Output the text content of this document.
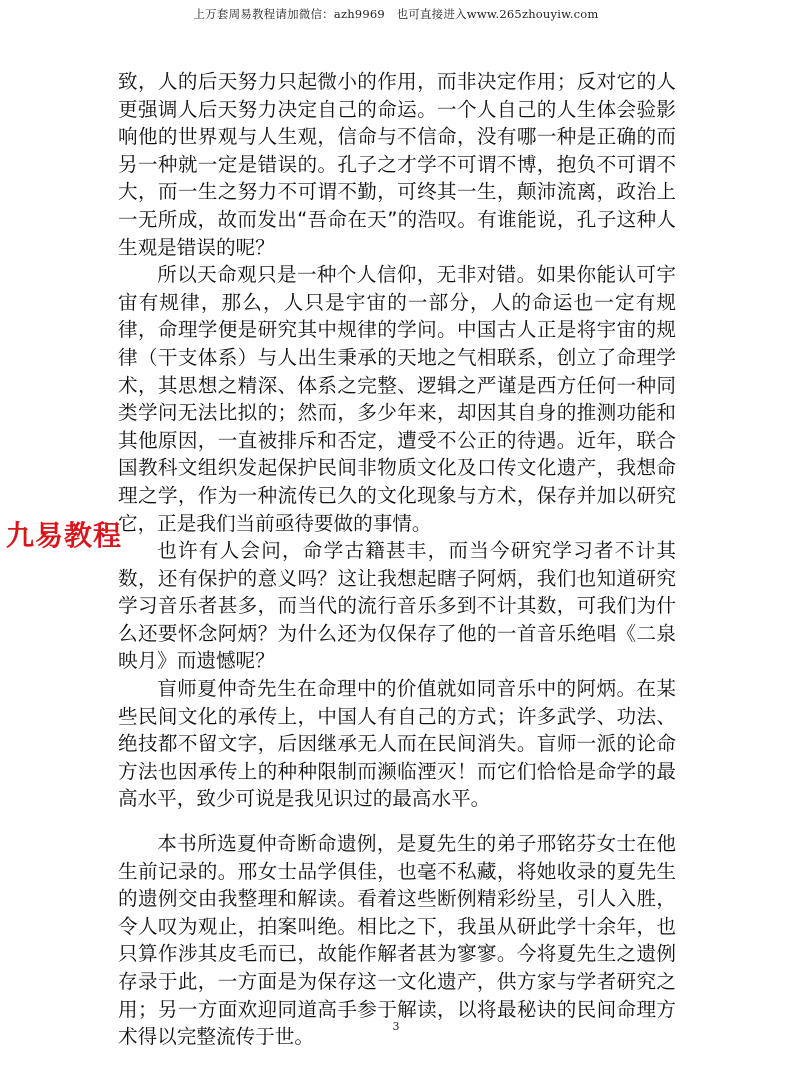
上万套周易教程请加微信：azh9969　也可直接进入www.265zhouyiw.com

致，人的后天努力只起微小的作用，而非决定作用；反对它的人更强调人后天努力决定自己的命运。一个人自己的人生体会验影响他的世界观与人生观，信命与不信命，没有哪一种是正确的而另一种就一定是错误的。孔子之才学不可谓不博，抱负不可谓不大，而一生之努力不可谓不勤，可终其一生，颠沛流离，政治上一无所成，故而发出“吾命在天”的浩叹。有谁能说，孔子这种人生观是错误的呢？

所以天命观只是一种个人信仰，无非对错。如果你能认可宇宙有规律，那么，人只是宇宙的一部分，人的命运也一定有规律，命理学便是研究其中规律的学问。中国古人正是将宇宙的规律（干支体系）与人出生秉承的天地之气相联系，创立了命理学术，其思想之精深、体系之完整、逻辑之严谨是西方任何一种同类学问无法比拟的；然而，多少年来，却因其自身的推测功能和其他原因，一直被排斥和否定，遭受不公正的待遇。近年，联合国教科文组织发起保护民间非物质文化及口传文化遗产，我想命理之学，作为一种流传已久的文化现象与方术，保存并加以研究它，正是我们当前亟待要做的事情。

也许有人会问，命学古籍甚丰，而当今研究学习者不计其数，还有保护的意义吗？这让我想起瞎子阿炳，我们也知道研究学习音乐者甚多，而当代的流行音乐多到不计其数，可我们为什么还要怀念阿炳？为什么还为仅保存了他的一首音乐绝唱《二泉映月》而遗憾呢？

盲师夏仲奇先生在命理中的价值就如同音乐中的阿炳。在某些民间文化的承传上，中国人有自己的方式；许多武学、功法、绝技都不留文字，后因继承无人而在民间消失。盲师一派的论命方法也因承传上的种种限制而濒临湮灭！而它们恰恰是命学的最高水平，致少可说是我见识过的最高水平。

本书所选夏仲奇断命遗例，是夏先生的弟子邢铭芬女士在他生前记录的。邢女士品学俱佳，也毫不私藏，将她收录的夏先生的遗例交由我整理和解读。看着这些断例精彩纷呈，引人入胜，令人叹为观止，拍案叫绝。相比之下，我虽从研此学十余年，也只算作涉其皮毛而已，故能作解者甚为寥寥。今将夏先生之遗例存录于此，一方面是为保存这一文化遗产，供方家与学者研究之用；另一方面欢迎同道高手参于解读，以将最秘诀的民间命理方术得以完整流传于世。

九易教程
3
